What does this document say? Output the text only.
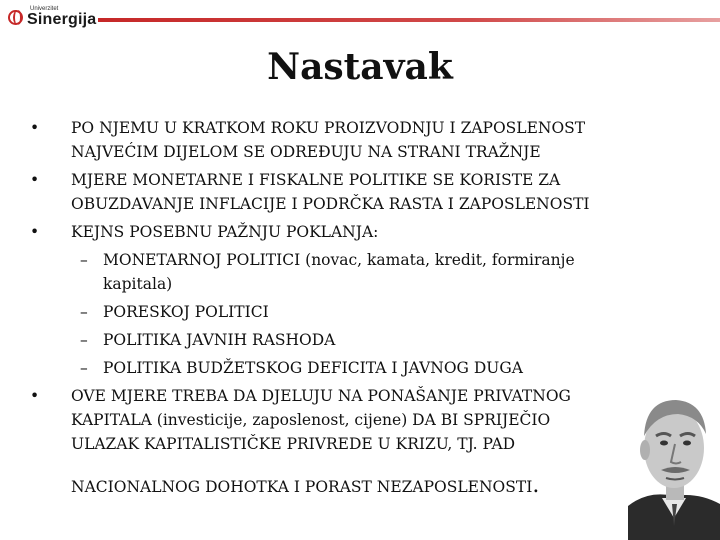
Univerzitet
Sinergija
Nastavak
• PO NJEMU U KRATKOM ROKU PROIZVODNJU I ZAPOSLENOST
NAJVEĆIM DIJELOM SE ODREĐUJU NA STRANI TRAŽNJE
• MJERE MONETARNE I FISKALNE POLITIKE SE KORISTE ZA
OBUZDAVANJE INFLACIJE I PODRČKA RASTA I ZAPOSLENOSTI
• KEJNS POSEBNU PAŽNJU POKLANJA:
– MONETARNOJ POLITICI (novac, kamata, kredit, formiranje
kapitala)
– PORESKOJ POLITICI
– POLITIKA JAVNIH RASHODA
– POLITIKA BUDŽETSKOG DEFICITA I JAVNOG DUGA
• OVE MJERE TREBA DA DJELUJU NA PONAŠANJE PRIVATNOG
KAPITALA (investicije, zaposlenost, cijene) DA BI SPRIJEČIO
ULAZAK KAPITALISTIČKE PRIVREDE U KRIZU, TJ. PAD
NACIONALNOG DOHOTKA I PORAST NEZAPOSLENOSTI.
